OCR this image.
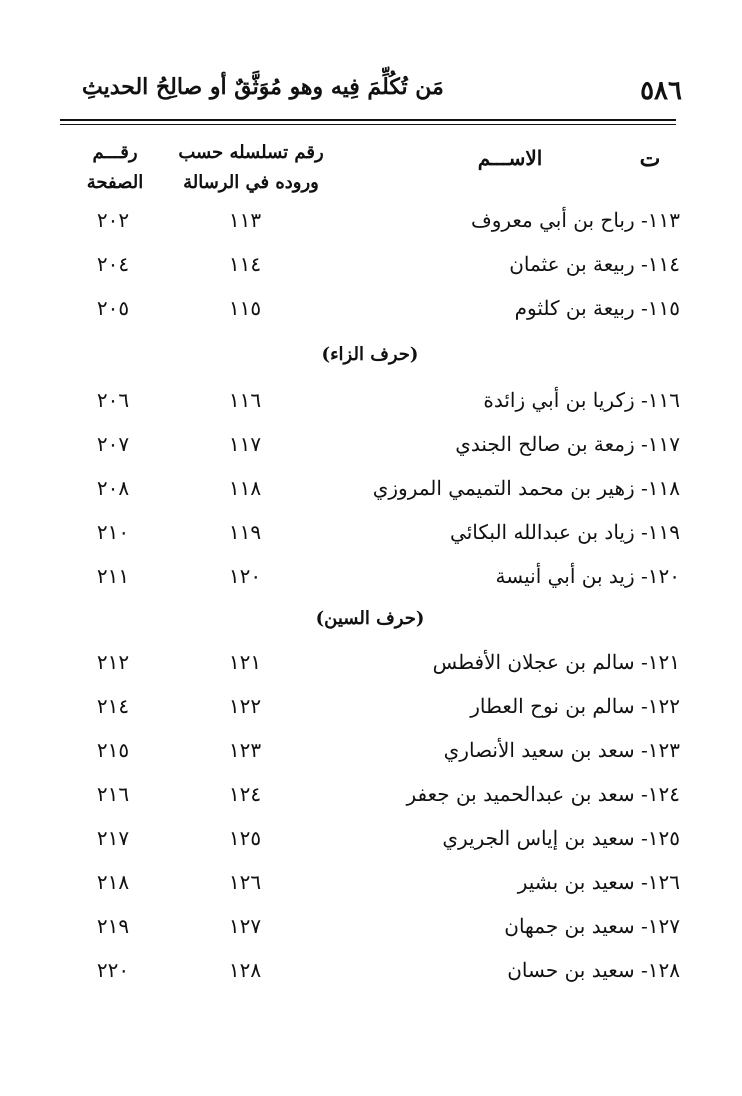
٥٨٦
مَن تُكُلِّمَ فِيه وهو مُوَثَّقٌ أو صالِحُ الحديثِ
ت
الاســـم
رقم تسلسله حسب
وروده في الرسالة
رقـــم
الصفحة
١١٣- رباح بن أبي معروف
١١٣
٢٠٢
١١٤- ربيعة بن عثمان
١١٤
٢٠٤
١١٥- ربيعة بن كلثوم
١١٥
٢٠٥
(حرف الزاء)
١١٦- زكريا بن أبي زائدة
١١٦
٢٠٦
١١٧- زمعة بن صالح الجندي
١١٧
٢٠٧
١١٨- زهير بن محمد التميمي المروزي
١١٨
٢٠٨
١١٩- زياد بن عبدالله البكائي
١١٩
٢١٠
١٢٠- زيد بن أبي أنيسة
١٢٠
٢١١
(حرف السين)
١٢١- سالم بن عجلان الأفطس
١٢١
٢١٢
١٢٢- سالم بن نوح العطار
١٢٢
٢١٤
١٢٣- سعد بن سعيد الأنصاري
١٢٣
٢١٥
١٢٤- سعد بن عبدالحميد بن جعفر
١٢٤
٢١٦
١٢٥- سعيد بن إياس الجريري
١٢٥
٢١٧
١٢٦- سعيد بن بشير
١٢٦
٢١٨
١٢٧- سعيد بن جمهان
١٢٧
٢١٩
١٢٨- سعيد بن حسان
١٢٨
٢٢٠
